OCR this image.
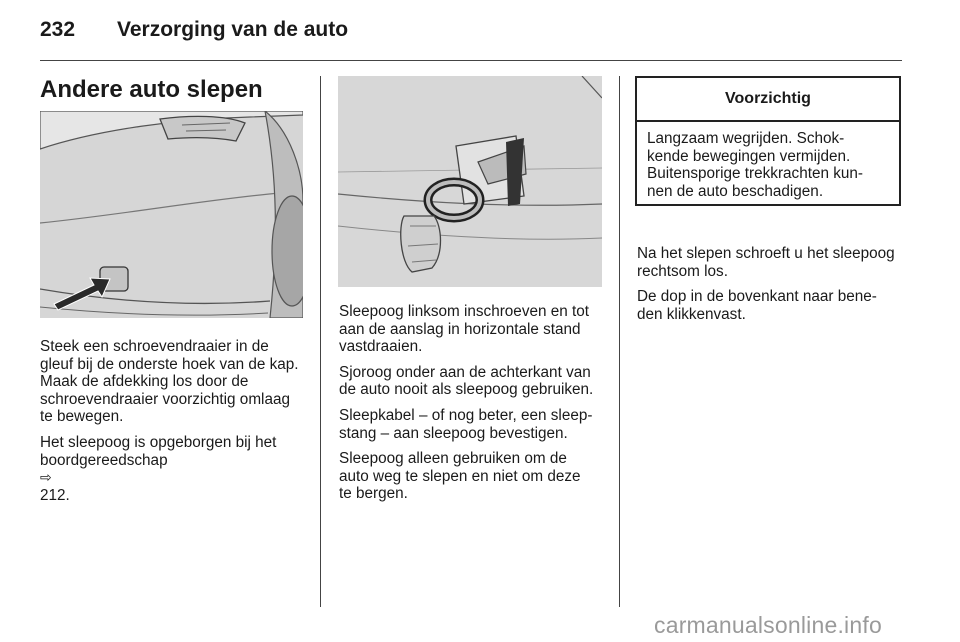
232 Verzorging van de auto
Andere auto slepen

Steek een schroevendraaier in de
gleuf bij de onderste hoek van de kap.
Maak de afdekking los door de
schroevendraaier voorzichtig omlaag
te bewegen.

Het sleepoog is opgeborgen bij het
boordgereedschap
⇨
212.

Sleepoog linksom inschroeven en tot
aan de aanslag in horizontale stand
vastdraaien.

Sjoroog onder aan de achterkant van
de auto nooit als sleepoog gebruiken.

Sleepkabel – of nog beter, een sleep-
stang – aan sleepoog bevestigen.

Sleepoog alleen gebruiken om de
auto weg te slepen en niet om deze
te bergen.

Voorzichtig
Langzaam wegrijden. Schok-
kende bewegingen vermijden.
Buitensporige trekkrachten kun-
nen de auto beschadigen.

Na het slepen schroeft u het sleepoog
rechtsom los.

De dop in de bovenkant naar bene-
den klikkenvast.

carmanualsonline.info
